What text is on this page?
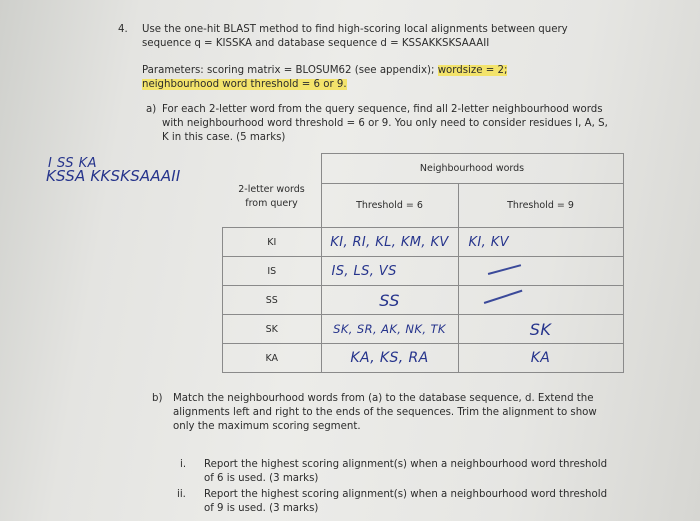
4. Use the one-hit BLAST method to find high-scoring local alignments between query
sequence q = KISSKA and database sequence d = KSSAKKSKSAAAII
Parameters: scoring matrix = BLOSUM62 (see appendix); wordsize = 2;
neighbourhood word threshold = 6 or 9.
a) For each 2-letter word from the query sequence, find all 2-letter neighbourhood words
with neighbourhood word threshold = 6 or 9. You only need to consider residues I, A, S,
K in this case. (5 marks)
I SS KA
KSSA KKSKSAAAII
2-letter words from query	Neighbourhood words	
	Threshold = 6	Threshold = 9
KI	KI, RI, KL, KM, KV	KI, KV
IS	IS, LS, VS	
SS	SS	
SK	SK, SR, AK, NK, TK	SK
KA	KA, KS, RA	KA
b) Match the neighbourhood words from (a) to the database sequence, d. Extend the
alignments left and right to the ends of the sequences. Trim the alignment to show
only the maximum scoring segment.
i. Report the highest scoring alignment(s) when a neighbourhood word threshold
of 6 is used. (3 marks)
ii. Report the highest scoring alignment(s) when a neighbourhood word threshold
of 9 is used. (3 marks)
